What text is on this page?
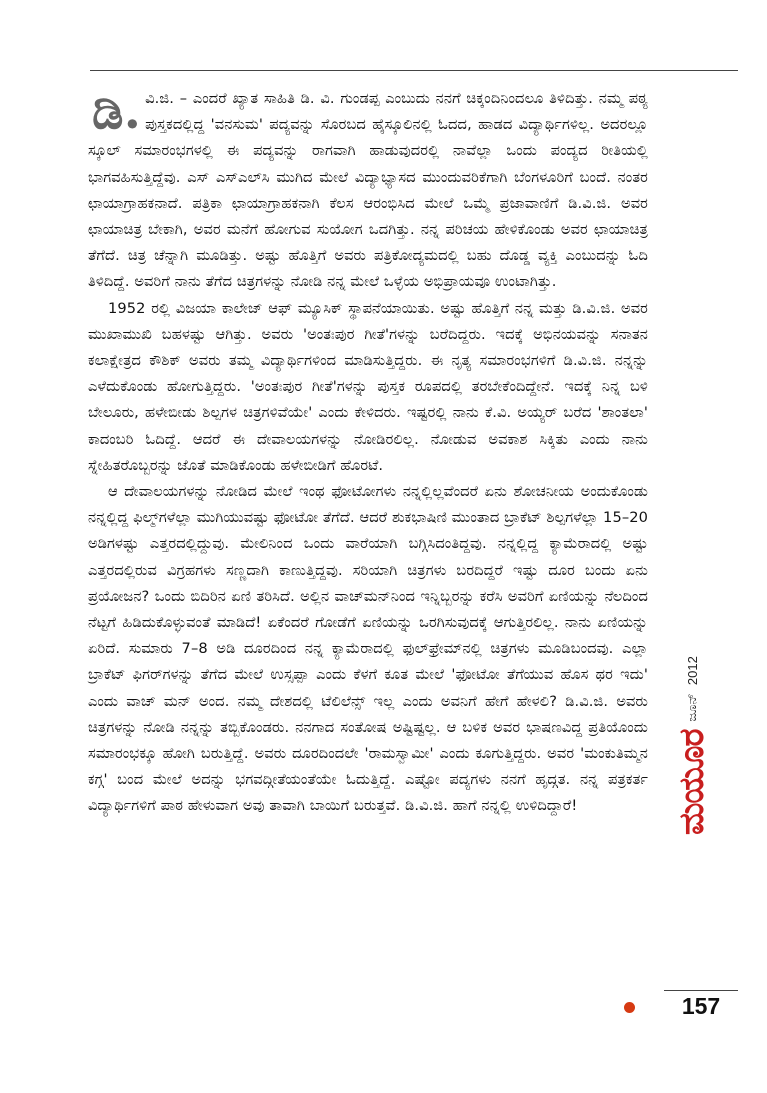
ಡಿ. ವಿ.ಜಿ. – ಎಂದರೆ ಖ್ಯಾತ ಸಾಹಿತಿ ಡಿ. ವಿ. ಗುಂಡಪ್ಪ ಎಂಬುದು ನನಗೆ ಚಿಕ್ಕಂದಿನಿಂದಲೂ ತಿಳಿದಿತ್ತು. ನಮ್ಮ ಪಠ್ಯ ಪುಸ್ತಕದಲ್ಲಿದ್ದ 'ವನಸುಮ' ಪದ್ಯವನ್ನು ಸೊರಬದ ಹೈಸ್ಕೂಲಿನಲ್ಲಿ ಓದದ, ಹಾಡದ ವಿದ್ಯಾರ್ಥಿಗಳಿಲ್ಲ. ಅದರಲ್ಲೂ ಸ್ಕೂಲ್ ಸಮಾರಂಭಗಳಲ್ಲಿ ಈ ಪದ್ಯವನ್ನು ರಾಗವಾಗಿ ಹಾಡುವುದರಲ್ಲಿ ನಾವೆಲ್ಲಾ ಒಂದು ಪಂದ್ಯದ ರೀತಿಯಲ್ಲಿ ಭಾಗವಹಿಸುತ್ತಿದ್ದೆವು. ಎಸ್ ಎಸ್‌ಎಲ್‌ಸಿ ಮುಗಿದ ಮೇಲೆ ವಿದ್ಯಾಭ್ಯಾಸದ ಮುಂದುವರಿಕೆಗಾಗಿ ಬೆಂಗಳೂರಿಗೆ ಬಂದೆ. ನಂತರ ಛಾಯಾಗ್ರಾಹಕನಾದೆ. ಪತ್ರಿಕಾ ಛಾಯಾಗ್ರಾಹಕನಾಗಿ ಕೆಲಸ ಆರಂಭಿಸಿದ ಮೇಲೆ ಒಮ್ಮೆ ಪ್ರಜಾವಾಣಿಗೆ ಡಿ.ವಿ.ಜಿ. ಅವರ ಛಾಯಾಚಿತ್ರ ಬೇಕಾಗಿ, ಅವರ ಮನೆಗೆ ಹೋಗುವ ಸುಯೋಗ ಒದಗಿತ್ತು. ನನ್ನ ಪರಿಚಯ ಹೇಳಿಕೊಂಡು ಅವರ ಛಾಯಾಚಿತ್ರ ತೆಗೆದೆ. ಚಿತ್ರ ಚೆನ್ನಾಗಿ ಮೂಡಿತ್ತು. ಅಷ್ಟು ಹೊತ್ತಿಗೆ ಅವರು ಪತ್ರಿಕೋದ್ಯಮದಲ್ಲಿ ಬಹು ದೊಡ್ಡ ವ್ಯಕ್ತಿ ಎಂಬುದನ್ನು ಓದಿ ತಿಳಿದಿದ್ದೆ. ಅವರಿಗೆ ನಾನು ತೆಗೆದ ಚಿತ್ರಗಳನ್ನು ನೋಡಿ ನನ್ನ ಮೇಲೆ ಒಳ್ಳೆಯ ಅಭಿಪ್ರಾಯವೂ ಉಂಟಾಗಿತ್ತು.

1952 ರಲ್ಲಿ ವಿಜಯಾ ಕಾಲೇಜ್ ಆಫ್ ಮ್ಯೂಸಿಕ್ ಸ್ಥಾಪನೆಯಾಯಿತು. ಅಷ್ಟು ಹೊತ್ತಿಗೆ ನನ್ನ ಮತ್ತು ಡಿ.ವಿ.ಜಿ. ಅವರ ಮುಖಾಮುಖಿ ಬಹಳಷ್ಟು ಆಗಿತ್ತು. ಅವರು 'ಅಂತಃಪುರ ಗೀತೆ'ಗಳನ್ನು ಬರೆದಿದ್ದರು. ಇದಕ್ಕೆ ಅಭಿನಯವನ್ನು ಸನಾತನ ಕಲಾಕ್ಷೇತ್ರದ ಕೌಶಿಕ್ ಅವರು ತಮ್ಮ ವಿದ್ಯಾರ್ಥಿಗಳಿಂದ ಮಾಡಿಸುತ್ತಿದ್ದರು. ಈ ನೃತ್ಯ ಸಮಾರಂಭಗಳಿಗೆ ಡಿ.ವಿ.ಜಿ. ನನ್ನನ್ನು ಎಳೆದುಕೊಂಡು ಹೋಗುತ್ತಿದ್ದರು. 'ಅಂತಃಪುರ ಗೀತೆ'ಗಳನ್ನು ಪುಸ್ತಕ ರೂಪದಲ್ಲಿ ತರಬೇಕೆಂದಿದ್ದೇನೆ. ಇದಕ್ಕೆ ನಿನ್ನ ಬಳಿ ಬೇಲೂರು, ಹಳೇಬೀಡು ಶಿಲ್ಪಗಳ ಚಿತ್ರಗಳಿವೆಯೇ' ಎಂದು ಕೇಳಿದರು. ಇಷ್ಟರಲ್ಲಿ ನಾನು ಕೆ.ವಿ. ಅಯ್ಯರ್ ಬರೆದ 'ಶಾಂತಲಾ' ಕಾದಂಬರಿ ಓದಿದ್ದೆ. ಆದರೆ ಈ ದೇವಾಲಯಗಳನ್ನು ನೋಡಿರಲಿಲ್ಲ. ನೋಡುವ ಅವಕಾಶ ಸಿಕ್ಕಿತು ಎಂದು ನಾನು ಸ್ನೇಹಿತರೊಬ್ಬರನ್ನು ಜೊತೆ ಮಾಡಿಕೊಂಡು ಹಳೇಬೀಡಿಗೆ ಹೊರಟೆ.

ಆ ದೇವಾಲಯಗಳನ್ನು ನೋಡಿದ ಮೇಲೆ ಇಂಥ ಫೋಟೋಗಳು ನನ್ನಲ್ಲಿಲ್ಲವೆಂದರೆ ಏನು ಶೋಚನೀಯ ಅಂದುಕೊಂಡು ನನ್ನಲ್ಲಿದ್ದ ಫಿಲ್ಮ್‌ಗಳೆಲ್ಲಾ ಮುಗಿಯುವಷ್ಟು ಫೋಟೋ ತೆಗೆದೆ. ಆದರೆ ಶುಕಭಾಷಿಣಿ ಮುಂತಾದ ಬ್ರಾಕೆಟ್ ಶಿಲ್ಪಗಳೆಲ್ಲಾ 15–20 ಅಡಿಗಳಷ್ಟು ಎತ್ತರದಲ್ಲಿದ್ದುವು. ಮೇಲಿನಿಂದ ಒಂದು ವಾರೆಯಾಗಿ ಬಗ್ಗಿಸಿದಂತಿದ್ದವು. ನನ್ನಲ್ಲಿದ್ದ ಕ್ಯಾಮೆರಾದಲ್ಲಿ ಅಷ್ಟು ಎತ್ತರದಲ್ಲಿರುವ ವಿಗ್ರಹಗಳು ಸಣ್ಣದಾಗಿ ಕಾಣುತ್ತಿದ್ದವು. ಸರಿಯಾಗಿ ಚಿತ್ರಗಳು ಬರದಿದ್ದರೆ ಇಷ್ಟು ದೂರ ಬಂದು ಏನು ಪ್ರಯೋಜನ? ಒಂದು ಬಿದಿರಿನ ಏಣಿ ತರಿಸಿದೆ. ಅಲ್ಲಿನ ವಾಚ್‌ಮನ್‌ನಿಂದ ಇನ್ನಿಬ್ಬರನ್ನು ಕರೆಸಿ ಅವರಿಗೆ ಏಣಿಯನ್ನು ನೆಲದಿಂದ ನೆಟ್ಟಗೆ ಹಿಡಿದುಕೊಳ್ಳುವಂತೆ ಮಾಡಿದೆ! ಏಕೆಂದರೆ ಗೋಡೆಗೆ ಏಣಿಯನ್ನು ಒರಗಿಸುವುದಕ್ಕೆ ಆಗುತ್ತಿರಲಿಲ್ಲ. ನಾನು ಏಣಿಯನ್ನು ಏರಿದೆ. ಸುಮಾರು 7–8 ಅಡಿ ದೂರದಿಂದ ನನ್ನ ಕ್ಯಾಮೆರಾದಲ್ಲಿ ಫುಲ್‌ಫ್ರೇಮ್‌ನಲ್ಲಿ ಚಿತ್ರಗಳು ಮೂಡಿಬಂದವು. ಎಲ್ಲಾ ಬ್ರಾಕೆಟ್ ಫಿಗರ್‌ಗಳನ್ನು ತೆಗೆದ ಮೇಲೆ ಉಸ್ಸಪ್ಪಾ ಎಂದು ಕೆಳಗೆ ಕೂತ ಮೇಲೆ 'ಫೋಟೋ ತೆಗೆಯುವ ಹೊಸ ಥರ ಇದು' ಎಂದು ವಾಚ್ ಮನ್ ಅಂದ. ನಮ್ಮ ದೇಶದಲ್ಲಿ ಟೆಲಿಲೆನ್ಸ್ ಇಲ್ಲ ಎಂದು ಅವನಿಗೆ ಹೇಗೆ ಹೇಳಲಿ? ಡಿ.ವಿ.ಜಿ. ಅವರು ಚಿತ್ರಗಳನ್ನು ನೋಡಿ ನನ್ನನ್ನು ತಬ್ಬಿಕೊಂಡರು. ನನಗಾದ ಸಂತೋಷ ಅಷ್ಟಿಷ್ಟಲ್ಲ. ಆ ಬಳಿಕ ಅವರ ಭಾಷಣವಿದ್ದ ಪ್ರತಿಯೊಂದು ಸಮಾರಂಭಕ್ಕೂ ಹೋಗಿ ಬರುತ್ತಿದ್ದೆ. ಅವರು ದೂರದಿಂದಲೇ 'ರಾಮಸ್ವಾಮೀ' ಎಂದು ಕೂಗುತ್ತಿದ್ದರು. ಅವರ 'ಮಂಕುತಿಮ್ಮನ ಕಗ್ಗ' ಬಂದ ಮೇಲೆ ಅದನ್ನು ಭಗವದ್ಗೀತೆಯಂತೆಯೇ ಓದುತ್ತಿದ್ದೆ. ಎಷ್ಟೋ ಪದ್ಯಗಳು ನನಗೆ ಹೃದ್ಗತ. ನನ್ನ ಪತ್ರಕರ್ತ ವಿದ್ಯಾರ್ಥಿಗಳಿಗೆ ಪಾಠ ಹೇಳುವಾಗ ಅವು ತಾವಾಗಿ ಬಾಯಿಗೆ ಬರುತ್ತವೆ. ಡಿ.ವಿ.ಜಿ. ಹಾಗೆ ನನ್ನಲ್ಲಿ ಉಳಿದಿದ್ದಾರೆ!	ಮಯೂರ
ಜೂನ್
2012
157
